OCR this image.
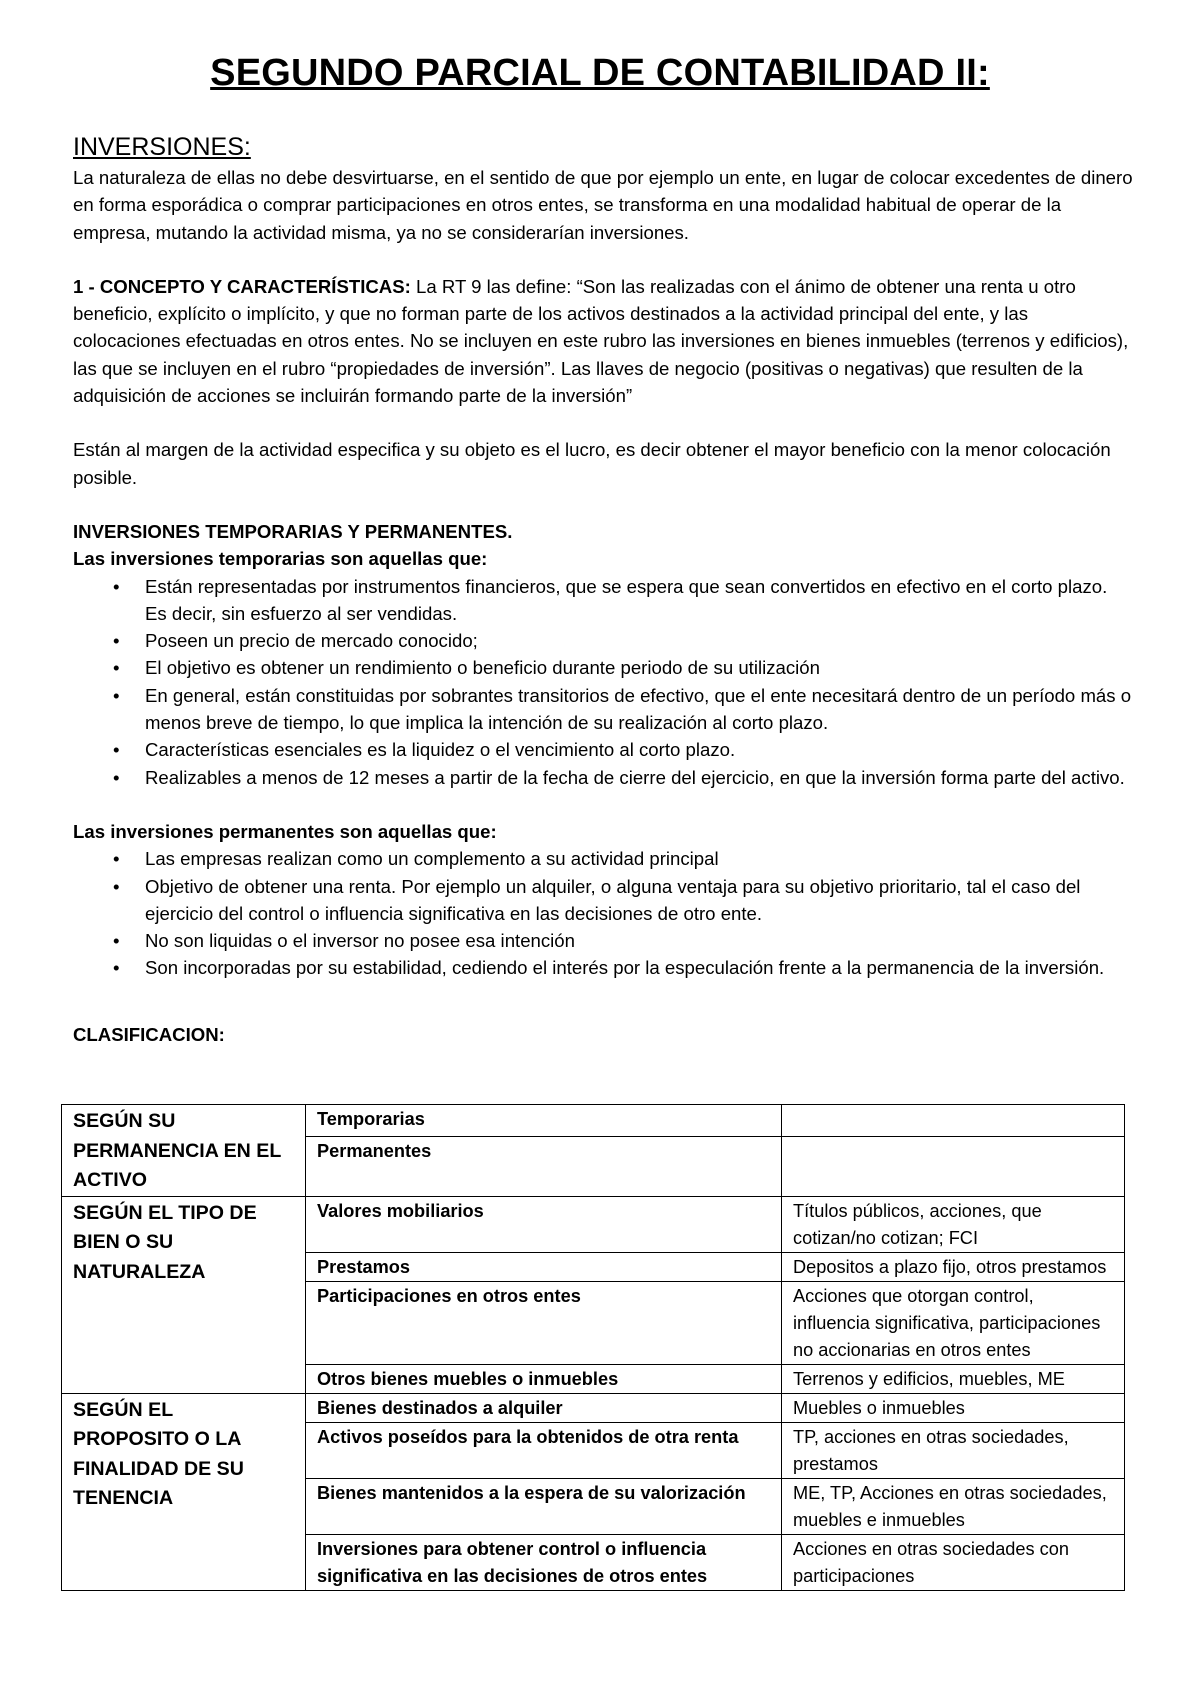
SEGUNDO PARCIAL DE CONTABILIDAD II:

INVERSIONES:

La naturaleza de ellas no debe desvirtuarse, en el sentido de que por ejemplo un ente, en lugar de colocar excedentes de dinero en forma esporádica o comprar participaciones en otros entes, se transforma en una modalidad habitual de operar de la empresa, mutando la actividad misma, ya no se considerarían inversiones.

1 - CONCEPTO Y CARACTERÍSTICAS: La RT 9 las define: “Son las realizadas con el ánimo de obtener una renta u otro beneficio, explícito o implícito, y que no forman parte de los activos destinados a la actividad principal del ente, y las colocaciones efectuadas en otros entes. No se incluyen en este rubro las inversiones en bienes inmuebles (terrenos y edificios), las que se incluyen en el rubro “propiedades de inversión”. Las llaves de negocio (positivas o negativas) que resulten de la adquisición de acciones se incluirán formando parte de la inversión”

Están al margen de la actividad especifica y su objeto es el lucro, es decir obtener el mayor beneficio con la menor colocación posible.

INVERSIONES TEMPORARIAS Y PERMANENTES.

Las inversiones temporarias son aquellas que:

• Están representadas por instrumentos financieros, que se espera que sean convertidos en efectivo en el corto plazo. Es decir, sin esfuerzo al ser vendidas.
• Poseen un precio de mercado conocido;
• El objetivo es obtener un rendimiento o beneficio durante periodo de su utilización
• En general, están constituidas por sobrantes transitorios de efectivo, que el ente necesitará dentro de un período más o menos breve de tiempo, lo que implica la intención de su realización al corto plazo.
• Características esenciales es la liquidez o el vencimiento al corto plazo.
• Realizables a menos de 12 meses a partir de la fecha de cierre del ejercicio, en que la inversión forma parte del activo.

Las inversiones permanentes son aquellas que:

• Las empresas realizan como un complemento a su actividad principal
• Objetivo de obtener una renta. Por ejemplo un alquiler, o alguna ventaja para su objetivo prioritario, tal el caso del ejercicio del control o influencia significativa en las decisiones de otro ente.
• No son liquidas o el inversor no posee esa intención
• Son incorporadas por su estabilidad, cediendo el interés por la especulación frente a la permanencia de la inversión.

CLASIFICACION:

SEGÚN SU PERMANENCIA EN EL ACTIVO	Temporarias	
	Permanentes	
SEGÚN EL TIPO DE BIEN O SU NATURALEZA	Valores mobiliarios	Títulos públicos, acciones, que cotizan/no cotizan; FCI
	Prestamos	Depositos a plazo fijo, otros prestamos
	Participaciones en otros entes	Acciones que otorgan control, influencia significativa, participaciones no accionarias en otros entes
	Otros bienes muebles o inmuebles	Terrenos y edificios, muebles, ME
SEGÚN EL PROPOSITO O LA FINALIDAD DE SU TENENCIA	Bienes destinados a alquiler	Muebles o inmuebles
	Activos poseídos para la obtenidos de otra renta	TP, acciones en otras sociedades, prestamos
	Bienes mantenidos a la espera de su valorización	ME, TP, Acciones en otras sociedades, muebles e inmuebles
	Inversiones para obtener control o influencia significativa en las decisiones de otros entes	Acciones en otras sociedades con participaciones
